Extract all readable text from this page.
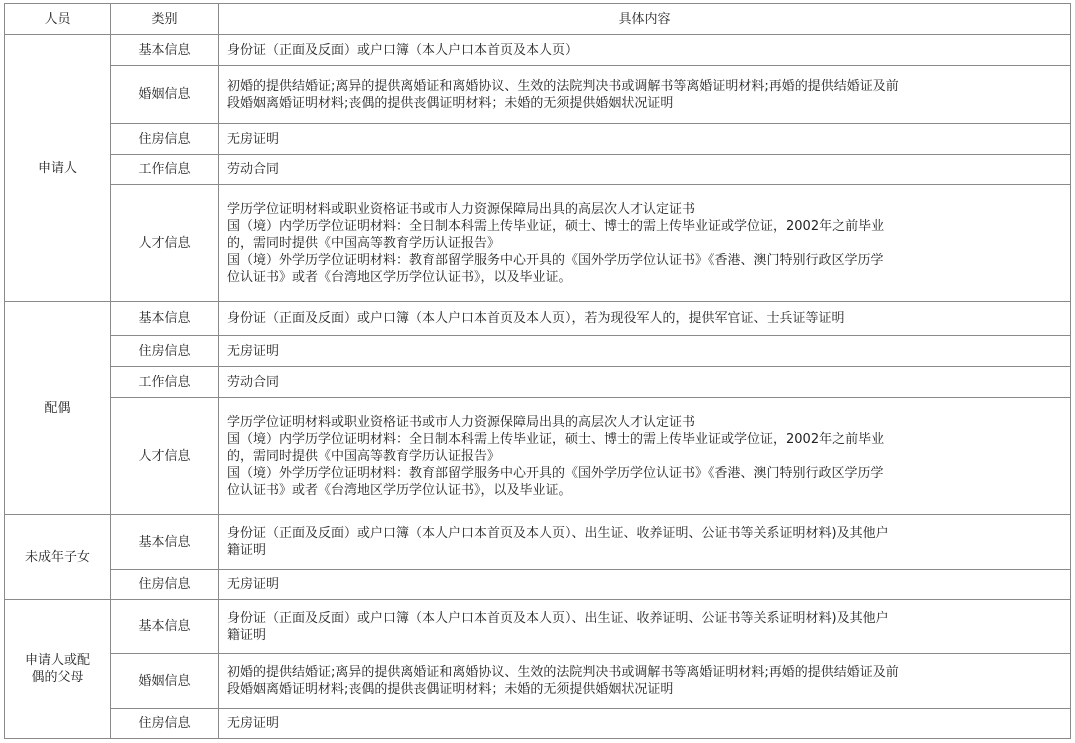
人员	类别	具体内容
申请人	基本信息	身份证（正面及反面）或户口簿（本人户口本首页及本人页）

	婚姻信息	初婚的提供结婚证;离异的提供离婚证和离婚协议、生效的法院判决书或调解书等离婚证明材料;再婚的提供结婚证及前
段婚姻离婚证明材料;丧偶的提供丧偶证明材料；未婚的无须提供婚姻状况证明

	住房信息	无房证明

	工作信息	劳动合同

	人才信息	学历学位证明材料或职业资格证书或市人力资源保障局出具的高层次人才认定证书
国（境）内学历学位证明材料：全日制本科需上传毕业证，硕士、博士的需上传毕业证或学位证，2002年之前毕业
的，需同时提供《中国高等教育学历认证报告》
国（境）外学历学位证明材料：教育部留学服务中心开具的《国外学历学位认证书》《香港、澳门特别行政区学历学
位认证书》或者《台湾地区学历学位认证书》，以及毕业证。

配偶	基本信息	身份证（正面及反面）或户口簿（本人户口本首页及本人页），若为现役军人的，提供军官证、士兵证等证明

	住房信息	无房证明

	工作信息	劳动合同

	人才信息	学历学位证明材料或职业资格证书或市人力资源保障局出具的高层次人才认定证书
国（境）内学历学位证明材料：全日制本科需上传毕业证，硕士、博士的需上传毕业证或学位证，2002年之前毕业
的，需同时提供《中国高等教育学历认证报告》
国（境）外学历学位证明材料：教育部留学服务中心开具的《国外学历学位认证书》《香港、澳门特别行政区学历学
位认证书》或者《台湾地区学历学位认证书》，以及毕业证。

未成年子女	基本信息	身份证（正面及反面）或户口簿（本人户口本首页及本人页）、出生证、收养证明、公证书等关系证明材料)及其他户
籍证明

	住房信息	无房证明

申请人或配
偶的父母	基本信息	身份证（正面及反面）或户口簿（本人户口本首页及本人页）、出生证、收养证明、公证书等关系证明材料)及其他户
籍证明

	婚姻信息	初婚的提供结婚证;离异的提供离婚证和离婚协议、生效的法院判决书或调解书等离婚证明材料;再婚的提供结婚证及前
段婚姻离婚证明材料;丧偶的提供丧偶证明材料；未婚的无须提供婚姻状况证明

	住房信息	无房证明
